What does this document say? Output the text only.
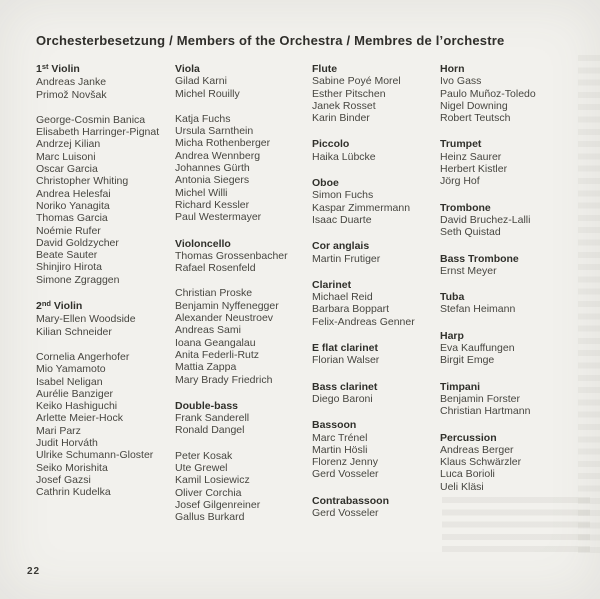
Orchesterbesetzung / Members of the Orchestra / Membres de l’orchestre
1st Violin
Andreas Janke
Primož Novšak
George-Cosmin Banica
Elisabeth Harringer-Pignat
Andrzej Kilian
Marc Luisoni
Oscar Garcia
Christopher Whiting
Andrea Helesfai
Noriko Yanagita
Thomas Garcia
Noémie Rufer
David Goldzycher
Beate Sauter
Shinjiro Hirota
Simone Zgraggen
2nd Violin
Mary-Ellen Woodside
Kilian Schneider
Cornelia Angerhofer
Mio Yamamoto
Isabel Neligan
Aurélie Banziger
Keiko Hashiguchi
Arlette Meier-Hock
Mari Parz
Judit Horváth
Ulrike Schumann-Gloster
Seiko Morishita
Josef Gazsi
Cathrin Kudelka
Viola
Gilad Karni
Michel Rouilly
Katja Fuchs
Ursula Sarnthein
Micha Rothenberger
Andrea Wennberg
Johannes Gürth
Antonia Siegers
Michel Willi
Richard Kessler
Paul Westermayer
Violoncello
Thomas Grossenbacher
Rafael Rosenfeld
Christian Proske
Benjamin Nyffenegger
Alexander Neustroev
Andreas Sami
Ioana Geangalau
Anita Federli-Rutz
Mattia Zappa
Mary Brady Friedrich
Double-bass
Frank Sanderell
Ronald Dangel
Peter Kosak
Ute Grewel
Kamil Losiewicz
Oliver Corchia
Josef Gilgenreiner
Gallus Burkard
Flute
Sabine Poyé Morel
Esther Pitschen
Janek Rosset
Karin Binder
Piccolo
Haika Lübcke
Oboe
Simon Fuchs
Kaspar Zimmermann
Isaac Duarte
Cor anglais
Martin Frutiger
Clarinet
Michael Reid
Barbara Boppart
Felix-Andreas Genner
E flat clarinet
Florian Walser
Bass clarinet
Diego Baroni
Bassoon
Marc Trénel
Martin Hösli
Florenz Jenny
Gerd Vosseler
Contrabassoon
Gerd Vosseler
Horn
Ivo Gass
Paulo Muñoz-Toledo
Nigel Downing
Robert Teutsch
Trumpet
Heinz Saurer
Herbert Kistler
Jörg Hof
Trombone
David Bruchez-Lalli
Seth Quistad
Bass Trombone
Ernst Meyer
Tuba
Stefan Heimann
Harp
Eva Kauffungen
Birgit Emge
Timpani
Benjamin Forster
Christian Hartmann
Percussion
Andreas Berger
Klaus Schwärzler
Luca Borioli
Ueli Kläsi
22
